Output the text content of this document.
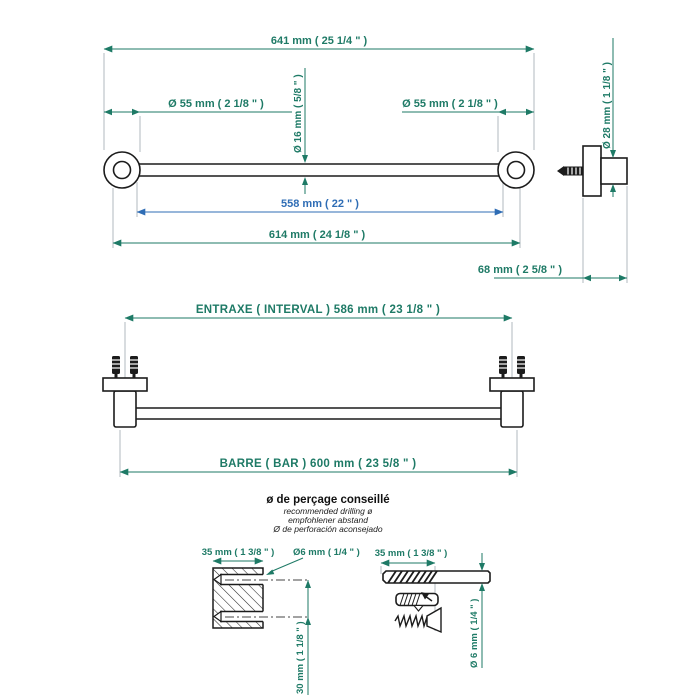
641 mm ( 25 1/4 " )
Ø 55 mm ( 2 1/8 " )	Ø 55 mm ( 2 1/8 " )
Ø 16 mm ( 5/8 " )
558 mm ( 22 " )
614 mm ( 24 1/8 " )
Ø 28 mm ( 1 1/8 " )
68 mm ( 2 5/8 " )
ENTRAXE ( INTERVAL ) 586 mm ( 23 1/8 " )
BARRE ( BAR ) 600 mm ( 23 5/8 " )
ø de perçage conseillé
recommended drilling ø
empfohlener abstand
Ø de perforación aconsejado
35 mm ( 1 3/8 " ) Ø6 mm ( 1/4 " )
30 mm ( 1 1/8 " )
35 mm ( 1 3/8 " )
Ø 6 mm ( 1/4 " )
